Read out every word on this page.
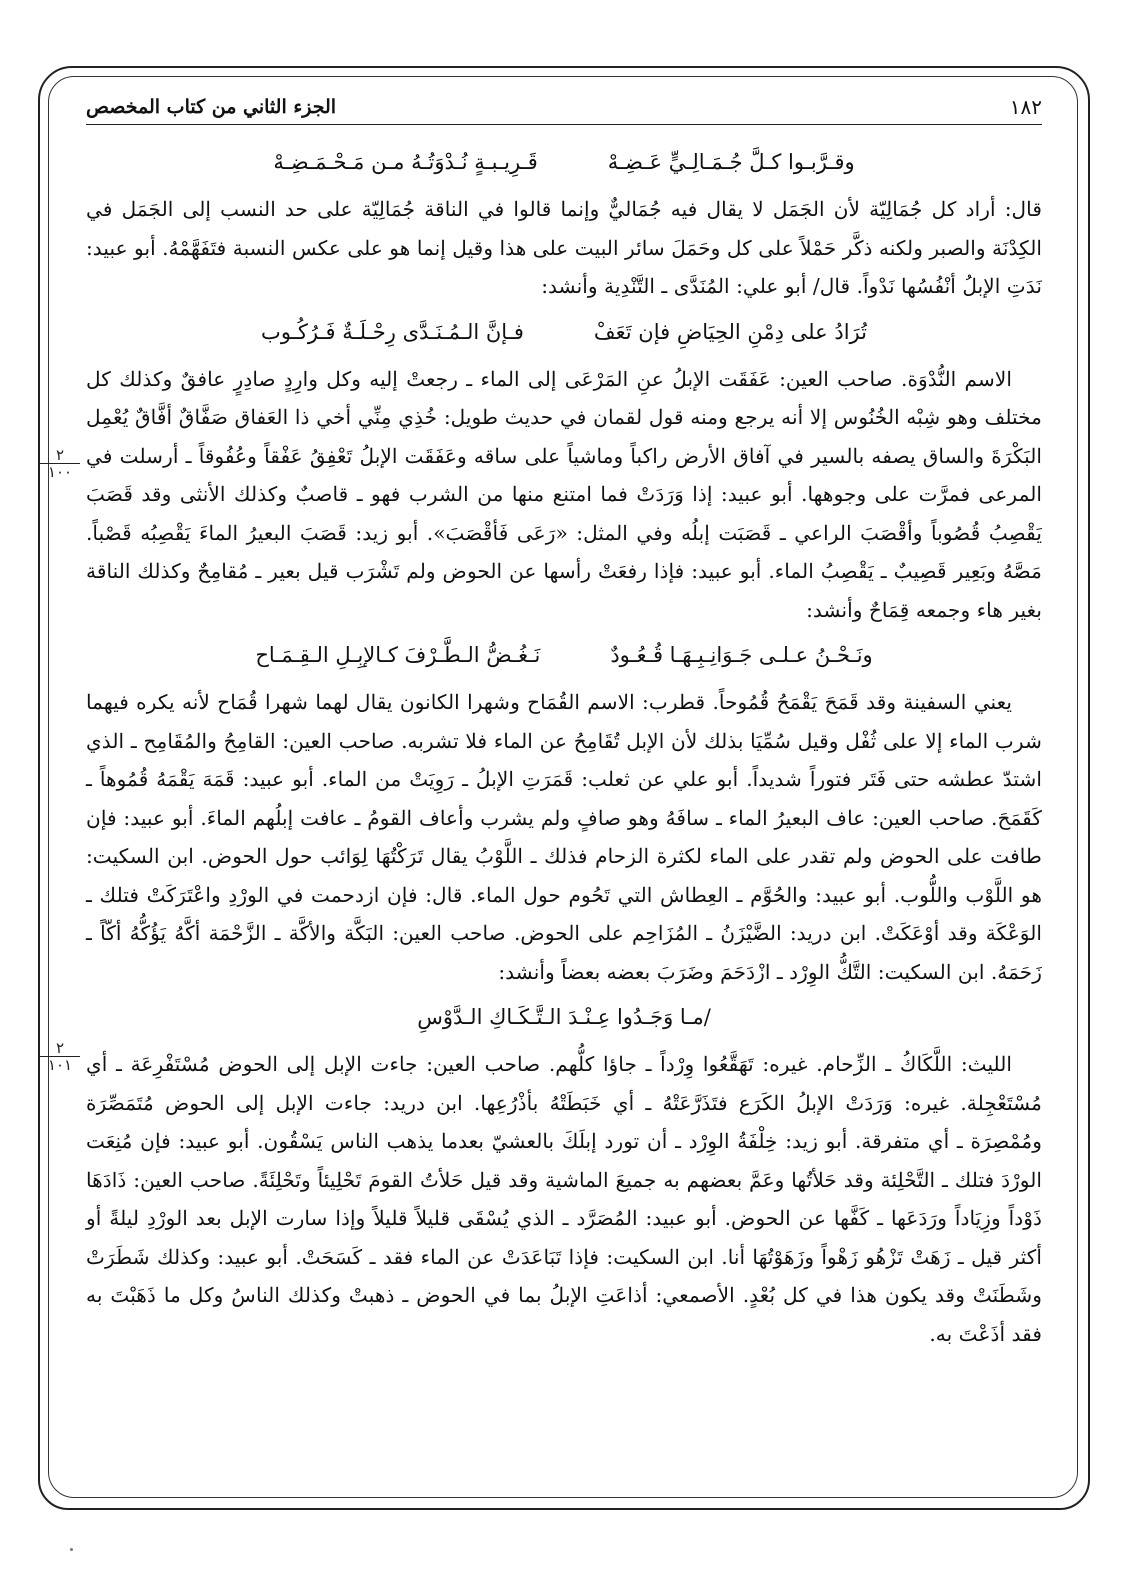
١٨٢
الجزء الثاني من كتاب المخصص
٢
١٠٠
٢
١٠١
وقـرَّبـوا كـلَّ جُـمَـالِـيٍّ عَـضِـهْ
قَـرِيـبـةٍ نُـدْوَتُـهُ مـن مَـحْـمَـضِـهْ

قال: أراد كل جُمَالِيّة لأن الجَمَل لا يقال فيه جُمَاليٌّ وإنما قالوا في الناقة جُمَالِيّة على حد النسب إلى الجَمَل في الكِدْنَة والصبر ولكنه ذكَّر حَمْلاً على كل وحَمَلَ سائر البيت على هذا وقيل إنما هو على عكس النسبة فتَفَهَّمْهُ. أبو عبيد: نَدَتِ الإبلُ أنْفُسُها نَدْواً. قال/ أبو علي: المُنَدَّى ـ التَّنْدِية وأنشد:

تُرَادُ على دِمْنِ الحِيَاضِ فإن تَعَفْ
فـإنَّ الـمُـنَـدَّى رِحْـلَـةٌ فَـرُكُـوب

الاسم النُّدْوَة. صاحب العين: عَفَقَت الإبلُ عنِ المَرْعَى إلى الماء ـ رجعتْ إليه وكل وارِدٍ صادِرٍ عافقٌ وكذلك كل مختلف وهو شِبْه الخُنُوس إلا أنه يرجع ومنه قول لقمان في حديث طويل: خُذِي مِنِّي أخي ذا العَفاق صَفَّاقٌ أفَّاقٌ يُعْمِل البَكْرَةَ والساق يصفه بالسير في آفاق الأرض راكباً وماشياً على ساقه وعَفَقَت الإبلُ تَعْفِقُ عَفْقاً وعُفُوقاً ـ أرسلت في المرعى فمرَّت على وجوهها. أبو عبيد: إذا وَرَدَتْ فما امتنع منها من الشرب فهو ـ قاصبٌ وكذلك الأنثى وقد قَصَبَ يَقْصِبُ قُصُوباً وأقْصَبَ الراعي ـ قَصَبَت إبلُه وفي المثل: «رَعَى فَأقْصَبَ». أبو زيد: قَصَبَ البعيرُ الماءَ يَقْصِبُه قَصْباً. مَصَّهُ وبَعِير قَصِيبٌ ـ يَقْصِبُ الماء. أبو عبيد: فإذا رفعَتْ رأسها عن الحوض ولم تَشْرَب قيل بعير ـ مُقامِحٌ وكذلك الناقة بغير هاء وجمعه قِمَاحٌ وأنشد:

ونَـحْـنُ عـلـى جَـوَانِـبِـهَـا قُـعُـودٌ
نَـغُـضُّ الـطَّـرْفَ كـالإبِـلِ الـقِـمَـاح

يعني السفينة وقد قَمَحَ يَقْمَحُ قُمُوحاً. قطرب: الاسم القُمَاح وشهرا الكانون يقال لهما شهرا قُمَاح لأنه يكره فيهما شرب الماء إلا على ثُفْل وقيل سُمِّيَا بذلك لأن الإبل تُقَامِحُ عن الماء فلا تشربه. صاحب العين: القامِحُ والمُقَامِح ـ الذي اشتدّ عطشه حتى فَتَر فتوراً شديداً. أبو علي عن ثعلب: قَمَرَتِ الإبلُ ـ رَوِيَتْ من الماء. أبو عبيد: قَمَهَ يَقْمَهُ قُمُوهاً ـ كَقَمَحَ. صاحب العين: عاف البعيرُ الماء ـ سافَهُ وهو صافٍ ولم يشرب وأعاف القومُ ـ عافت إبلُهم الماءَ. أبو عبيد: فإن طافت على الحوض ولم تقدر على الماء لكثرة الزحام فذلك ـ اللَّوْبُ يقال تَرَكْتُهَا لِوَائب حول الحوض. ابن السكيت: هو اللَّوْب واللُّوب. أبو عبيد: والحُوَّم ـ العِطاش التي تَحُوم حول الماء. قال: فإن ازدحمت في الورْدِ واعْتَرَكَتْ فتلك ـ الوَعْكَة وقد أوْعَكَتْ. ابن دريد: الضَّيْزَنُ ـ المُزَاحِم على الحوض. صاحب العين: البَكَّة والأكَّة ـ الزَّحْمَة أكَّهُ يَؤُكُّهُ أكّاً ـ زَحَمَهُ. ابن السكيت: التَّكُّ الوِرْد ـ ازْدَحَمَ وضَرَبَ بعضه بعضاً وأنشد:

/مـا وَجَـدُوا عِـنْـدَ الـتَّـكَـاكِ الـدَّوْسِ

الليث: اللَّكَاكُ ـ الزِّحام. غيره: تَهَقَّعُوا وِرْداً ـ جاؤا كلُّهم. صاحب العين: جاءت الإبل إلى الحوض مُسْتَفْرِعَة ـ أي مُسْتَعْجِلة. غيره: وَرَدَتْ الإبلُ الكَرَع فتَذَرَّعَتْهُ ـ أي خَبَطَتْهُ بأذْرُعِها. ابن دريد: جاءت الإبل إلى الحوض مُتَمَصِّرَة ومُمْصِرَة ـ أي متفرقة. أبو زيد: خِلْفَةُ الوِرْد ـ أن تورد إبلَكَ بالعشيّ بعدما يذهب الناس يَسْقُون. أبو عبيد: فإن مُنِعَت الورْدَ فتلك ـ التَّحْلِئة وقد حَلأتُها وعَمَّ بعضهم به جميعَ الماشية وقد قيل حَلأتُ القومَ تَحْلِيئاً وتَحْلِئَةً. صاحب العين: ذَادَهَا ذَوْداً وزِيَاداً ورَدَعَها ـ كَفَّها عن الحوض. أبو عبيد: المُصَرَّد ـ الذي يُسْقَى قليلاً قليلاً وإذا سارت الإبل بعد الورْدِ ليلةً أو أكثر قيل ـ زَهَتْ تَزْهُو زَهْواً وزَهَوْتُهَا أنا. ابن السكيت: فإذا تَبَاعَدَتْ عن الماء فقد ـ كَسَحَتْ. أبو عبيد: وكذلك شَطَرَتْ وشَطَنَتْ وقد يكون هذا في كل بُعْدٍ. الأصمعي: أذاعَتِ الإبلُ بما في الحوض ـ ذهبتْ وكذلك الناسُ وكل ما ذَهَبْتَ به فقد أذَعْتَ به.
